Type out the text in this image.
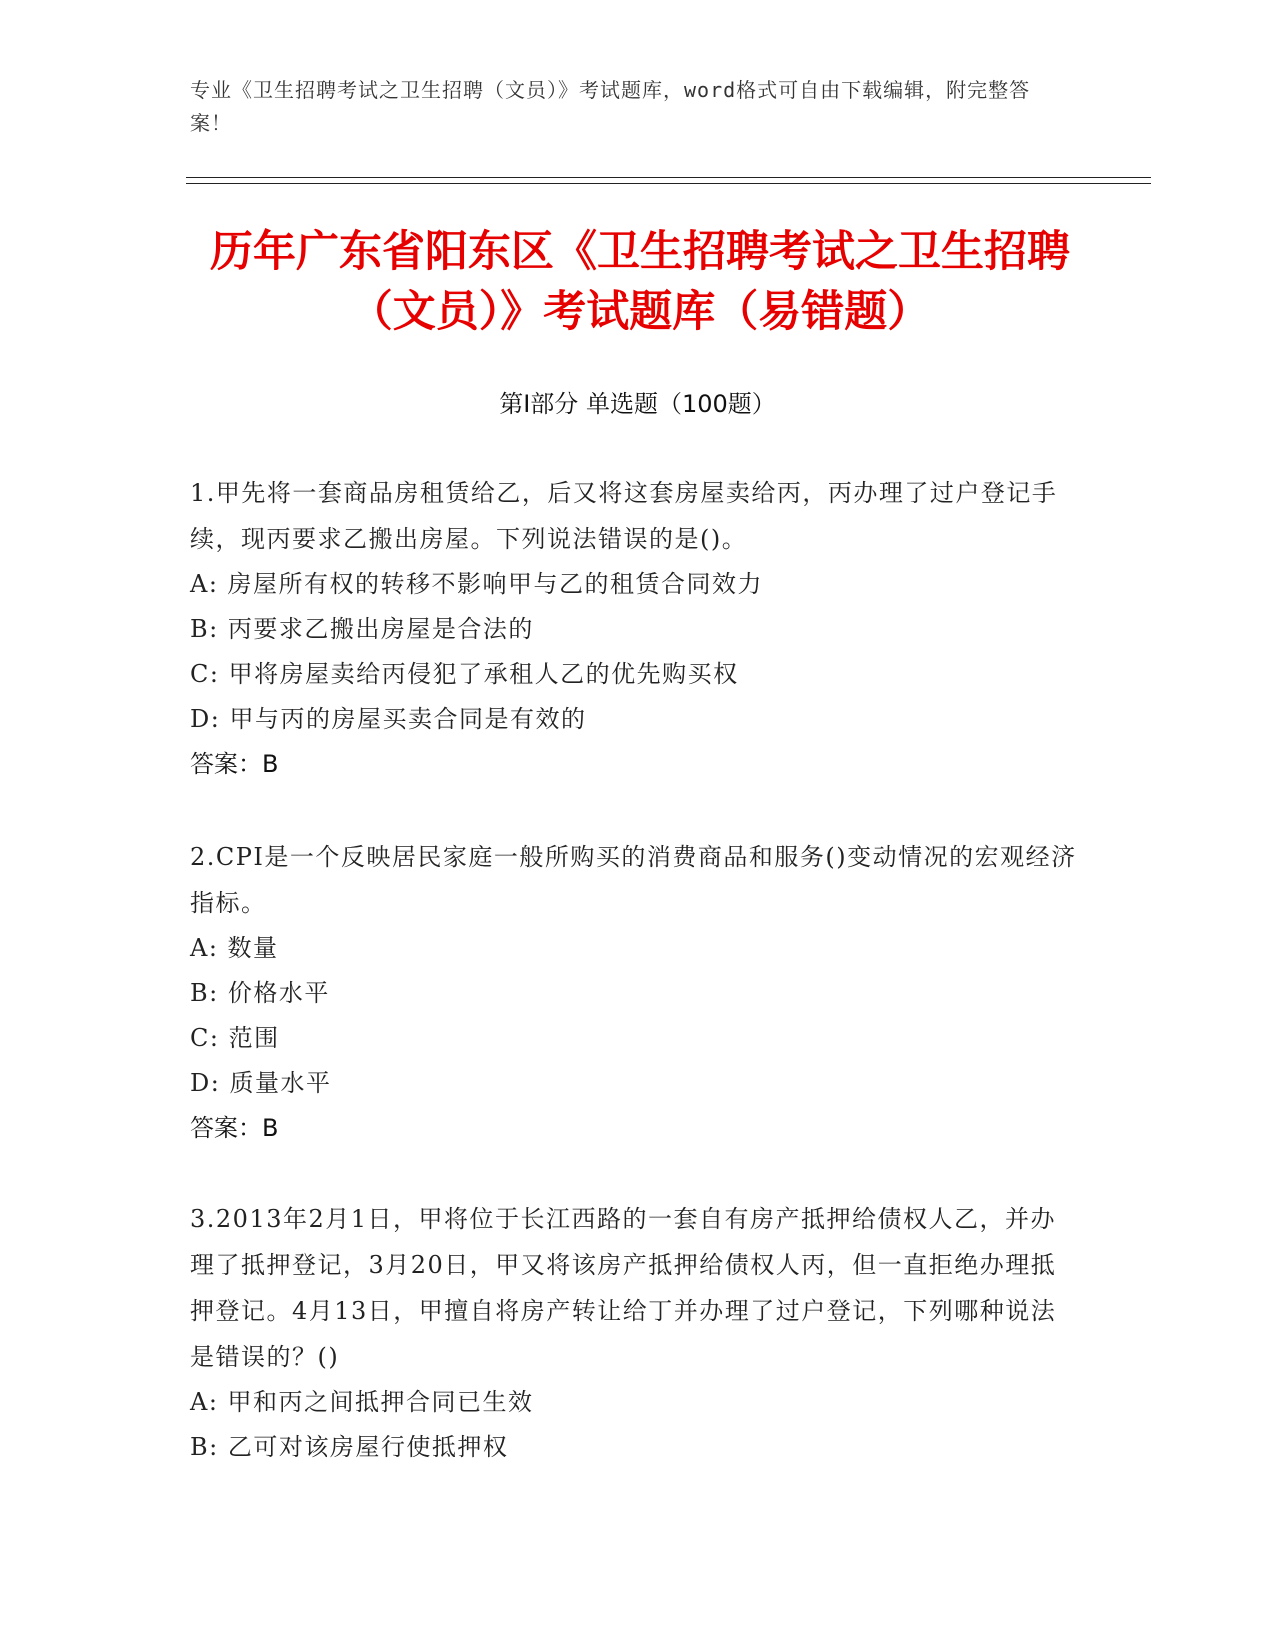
专业《卫生招聘考试之卫生招聘（文员）》考试题库，word格式可自由下载编辑，附完整答案！
历年广东省阳东区《卫生招聘考试之卫生招聘（文员）》考试题库（易错题）
第Ⅰ部分 单选题（100题）
1.甲先将一套商品房租赁给乙，后又将这套房屋卖给丙，丙办理了过户登记手续，现丙要求乙搬出房屋。下列说法错误的是()。
A: 房屋所有权的转移不影响甲与乙的租赁合同效力
B: 丙要求乙搬出房屋是合法的
C: 甲将房屋卖给丙侵犯了承租人乙的优先购买权
D: 甲与丙的房屋买卖合同是有效的
答案：B
2.CPI是一个反映居民家庭一般所购买的消费商品和服务()变动情况的宏观经济指标。
A: 数量
B: 价格水平
C: 范围
D: 质量水平
答案：B
3.2013年2月1日，甲将位于长江西路的一套自有房产抵押给债权人乙，并办理了抵押登记，3月20日，甲又将该房产抵押给债权人丙，但一直拒绝办理抵押登记。4月13日，甲擅自将房产转让给丁并办理了过户登记，下列哪种说法是错误的？()
A: 甲和丙之间抵押合同已生效
B: 乙可对该房屋行使抵押权
